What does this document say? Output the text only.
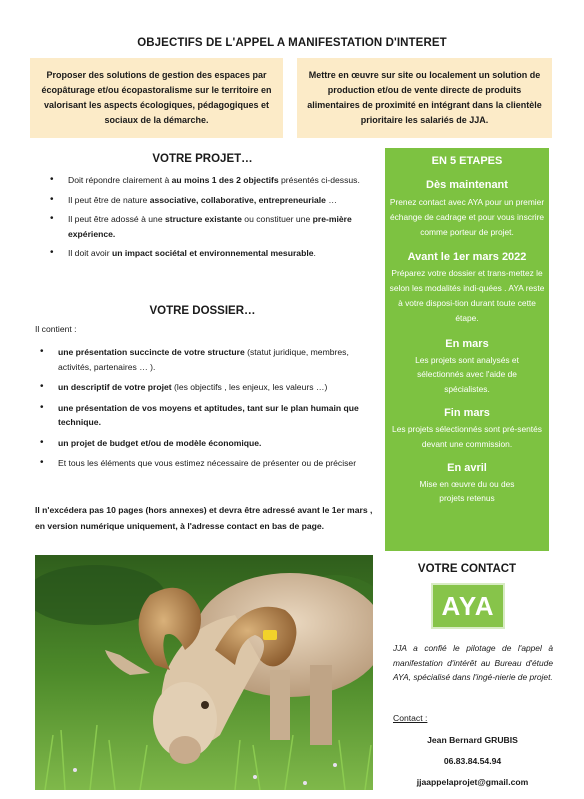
OBJECTIFS DE L'APPEL A MANIFESTATION D'INTERET
Proposer des solutions de gestion des espaces par écopâturage et/ou écopastoralisme sur le territoire en valorisant les aspects écologiques, pédagogiques et sociaux de la démarche.
Mettre en œuvre sur site ou localement un solution de production et/ou de vente directe de produits alimentaires de proximité en intégrant dans la clientèle prioritaire les salariés de JJA.
VOTRE PROJET…
• Doit répondre clairement à au moins 1 des 2 objectifs présentés ci-dessus.
• Il peut être de nature associative, collaborative, entrepreneuriale …
• Il peut être adossé à une structure existante ou constituer une pre-mière expérience.
• Il doit avoir un impact sociétal et environnemental mesurable.
VOTRE DOSSIER…
Il contient :
• une présentation succincte de votre structure (statut juridique, membres, activités, partenaires … ).
• un descriptif de votre projet (les objectifs , les enjeux, les valeurs …)
• une présentation de vos moyens et aptitudes, tant sur le plan humain que technique.
• un projet de budget et/ou de modèle économique.
• Et tous les éléments que vous estimez nécessaire de présenter ou de préciser
Il n'excédera pas 10 pages (hors annexes) et devra être adressé avant le 1er mars , en version numérique uniquement, à l'adresse contact en bas de page.
EN 5 ETAPES
Dès maintenant
Prenez contact avec AYA pour un premier échange de cadrage et pour vous inscrire comme porteur de projet.
Avant le 1er mars 2022
Préparez votre dossier et trans-mettez le selon les modalités indi-quées . AYA reste à votre disposi-tion durant toute cette étape.
En mars
Les projets sont analysés et sélectionnés avec l'aide de spécialistes.
Fin mars
Les projets sélectionnés sont pré-sentés devant une commission.
En avril
Mise en œuvre du ou des projets retenus
VOTRE CONTACT
AYA
JJA a confié le pilotage de l'appel à manifestation d'intérêt au Bureau d'étude AYA, spécialisé dans l'ingé-nierie de projet.
Contact :
Jean Bernard GRUBIS
06.83.84.54.94
jjaappelaprojet@gmail.com
